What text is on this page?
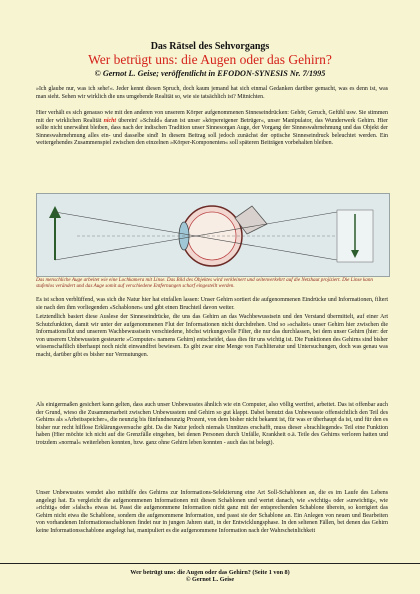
Das Rätsel des Sehvorgangs
Wer betrügt uns: die Augen oder das Gehirn?
© Gernot L. Geise; veröffentlicht in EFODON-SYNESIS Nr. 7/1995
»Ich glaube nur, was ich sehe!«. Jeder kennt diesen Spruch, doch kaum jemand hat sich einmal Gedanken darüber gemacht, was es denn ist, was man sieht. Sehen wir wirklich die uns umgebende Realität so, wie sie tatsächlich ist? Mitnichten.
Hier verhält es sich genauso wie mit den anderen von unserem Körper aufgenommenen Sinneseindrücken: Gehör, Geruch, Gefühl usw. Sie stimmen mit der wirklichen Realität nicht überein! »Schuld« daran ist unser »körpereigener Betrüger«, unser Manipulator, das Wunderwerk Gehirn. Hier sollte nicht unerwähnt bleiben, dass nach der indischen Tradition unser Sinnesorgan Auge, der Vorgang der Sinneswahrnehmung und das Objekt der Sinneswahrnehmung alles ein- und dasselbe sind! In diesem Beitrag soll jedoch zunächst der optische Sinneseindruck beleuchtet werden. Ein weitergehendes Zusammenspiel zwischen den einzelnen »Körper-Komponenten« soll späteren Beiträgen vorbehalten bleiben.
Das menschliche Auge arbeitet wie eine Lochkamera mit Linse. Das Bild des Objektes wird verkleinert und seitenverkehrt auf die Netzhaut projiziert. Die Linse kann stufenlos verändert und das Auge somit auf verschiedene Entfernungen scharf eingestellt werden.
Es ist schon verblüffend, was sich die Natur hier hat einfallen lassen: Unser Gehirn sortiert die aufgenommenen Eindrücke und Informationen, filtert sie nach den ihm vorliegenden »Schablonen« und gibt einen Bruchteil davon weiter.
Letztendlich basiert diese Auslese der Sinneseindrücke, die uns das Gehirn an das Wachbewusstsein und den Verstand übermittelt, auf einer Art Schutzfunktion, damit wir unter der aufgenommenen Flut der Informationen nicht durchdrehen. Und so »schaltet« unser Gehirn hier zwischen die Informationsflut und unserem Wachbewusstsein verschiedene, höchst wirkungsvolle Filter, die nur das durchlassen, bei dem unser Gehirn (hier: der von unserem Unbewussten gesteuerte »Computer« namens Gehirn) entscheidet, dass dies für uns wichtig ist. Die Funktionen des Gehirns sind bisher wissenschaftlich überhaupt noch nicht einwandfrei bewiesen. Es gibt zwar eine Menge von Fachliteratur und Untersuchungen, doch was genau was macht, darüber gibt es bisher nur Vermutungen.
Als einigermaßen gesichert kann gelten, dass auch unser Unbewusstes ähnlich wie ein Computer, also völlig wertfrei, arbeitet. Das ist offenbar auch der Grund, wieso die Zusammenarbeit zwischen Unbewusstem und Gehirn so gut klappt. Dabei benutzt das Unbewusste offensichtlich den Teil des Gehirns als »Arbeitsspeicher«, die neunzig bis fünfundneunzig Prozent, von dem bisher nicht bekannt ist, für was er überhaupt da ist, und für den es bisher nur recht hilflose Erklärungsversuche gibt. Da die Natur jedoch niemals Unnützes erschafft, muss dieser »brachliegende« Teil eine Funktion haben (Hier möchte ich nicht auf die Grenzfälle eingehen, bei denen Personen durch Unfälle, Krankheit o.ä. Teile des Gehirns verloren hatten und trotzdem »normal« weiterleben konnten, bzw. ganz ohne Gehirn leben konnten - auch das ist belegt).
Unser Unbewusstes wendet also mithilfe des Gehirns zur Informations-Selektierung eine Art Soll-Schablonen an, die es im Laufe des Lebens angelegt hat. Es vergleicht die aufgenommenen Informationen mit diesen Schablonen und wertet danach, wie »wichtig« oder »unwichtig«, wie »richtig« oder »falsch« etwas ist. Passt die aufgenommene Information nicht ganz mit der entsprechenden Schablone überein, so korrigiert das Gehirn nicht etwa die Schablone, sondern die aufgenommene Information, und passt sie der Schablone an. Ein Anlegen von neuen und Bearbeiten von vorhandenen Informationsschablonen findet nur in jungen Jahren statt, in der Entwicklungsphase. In den seltenen Fällen, bei denen das Gehirn keine Informationsschablone angelegt hat, manipuliert es die aufgenommene Information nach der Wahrscheinlichkeit
Wer betrügt uns: die Augen oder das Gehirn? (Seite 1 von 8)
© Gernot L. Geise
